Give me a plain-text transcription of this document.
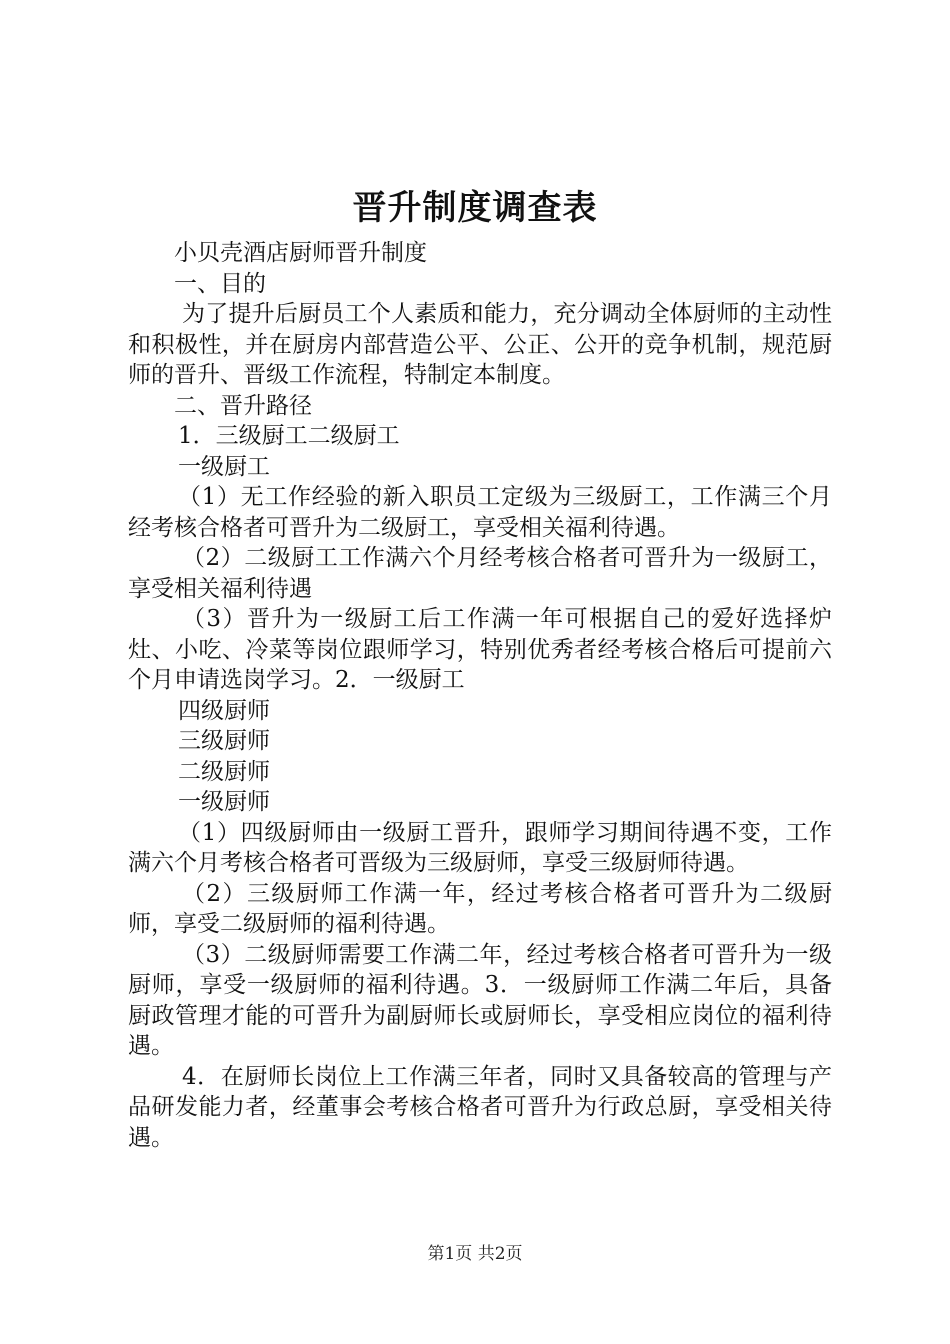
晋升制度调查表

小贝壳酒店厨师晋升制度

一、目的

为了提升后厨员工个人素质和能力，充分调动全体厨师的主动性和积极性，并在厨房内部营造公平、公正、公开的竞争机制，规范厨师的晋升、晋级工作流程，特制定本制度。

二、晋升路径

1．三级厨工二级厨工

一级厨工

（1）无工作经验的新入职员工定级为三级厨工，工作满三个月经考核合格者可晋升为二级厨工，享受相关福利待遇。

（2）二级厨工工作满六个月经考核合格者可晋升为一级厨工，享受相关福利待遇

（3）晋升为一级厨工后工作满一年可根据自己的爱好选择炉灶、小吃、冷菜等岗位跟师学习，特别优秀者经考核合格后可提前六个月申请选岗学习。2．一级厨工

四级厨师

三级厨师

二级厨师

一级厨师

（1）四级厨师由一级厨工晋升，跟师学习期间待遇不变，工作满六个月考核合格者可晋级为三级厨师，享受三级厨师待遇。

（2）三级厨师工作满一年，经过考核合格者可晋升为二级厨师，享受二级厨师的福利待遇。

（3）二级厨师需要工作满二年，经过考核合格者可晋升为一级厨师，享受一级厨师的福利待遇。3．一级厨师工作满二年后，具备厨政管理才能的可晋升为副厨师长或厨师长，享受相应岗位的福利待遇。

4．在厨师长岗位上工作满三年者，同时又具备较高的管理与产品研发能力者，经董事会考核合格者可晋升为行政总厨，享受相关待遇。

第1页 共2页
